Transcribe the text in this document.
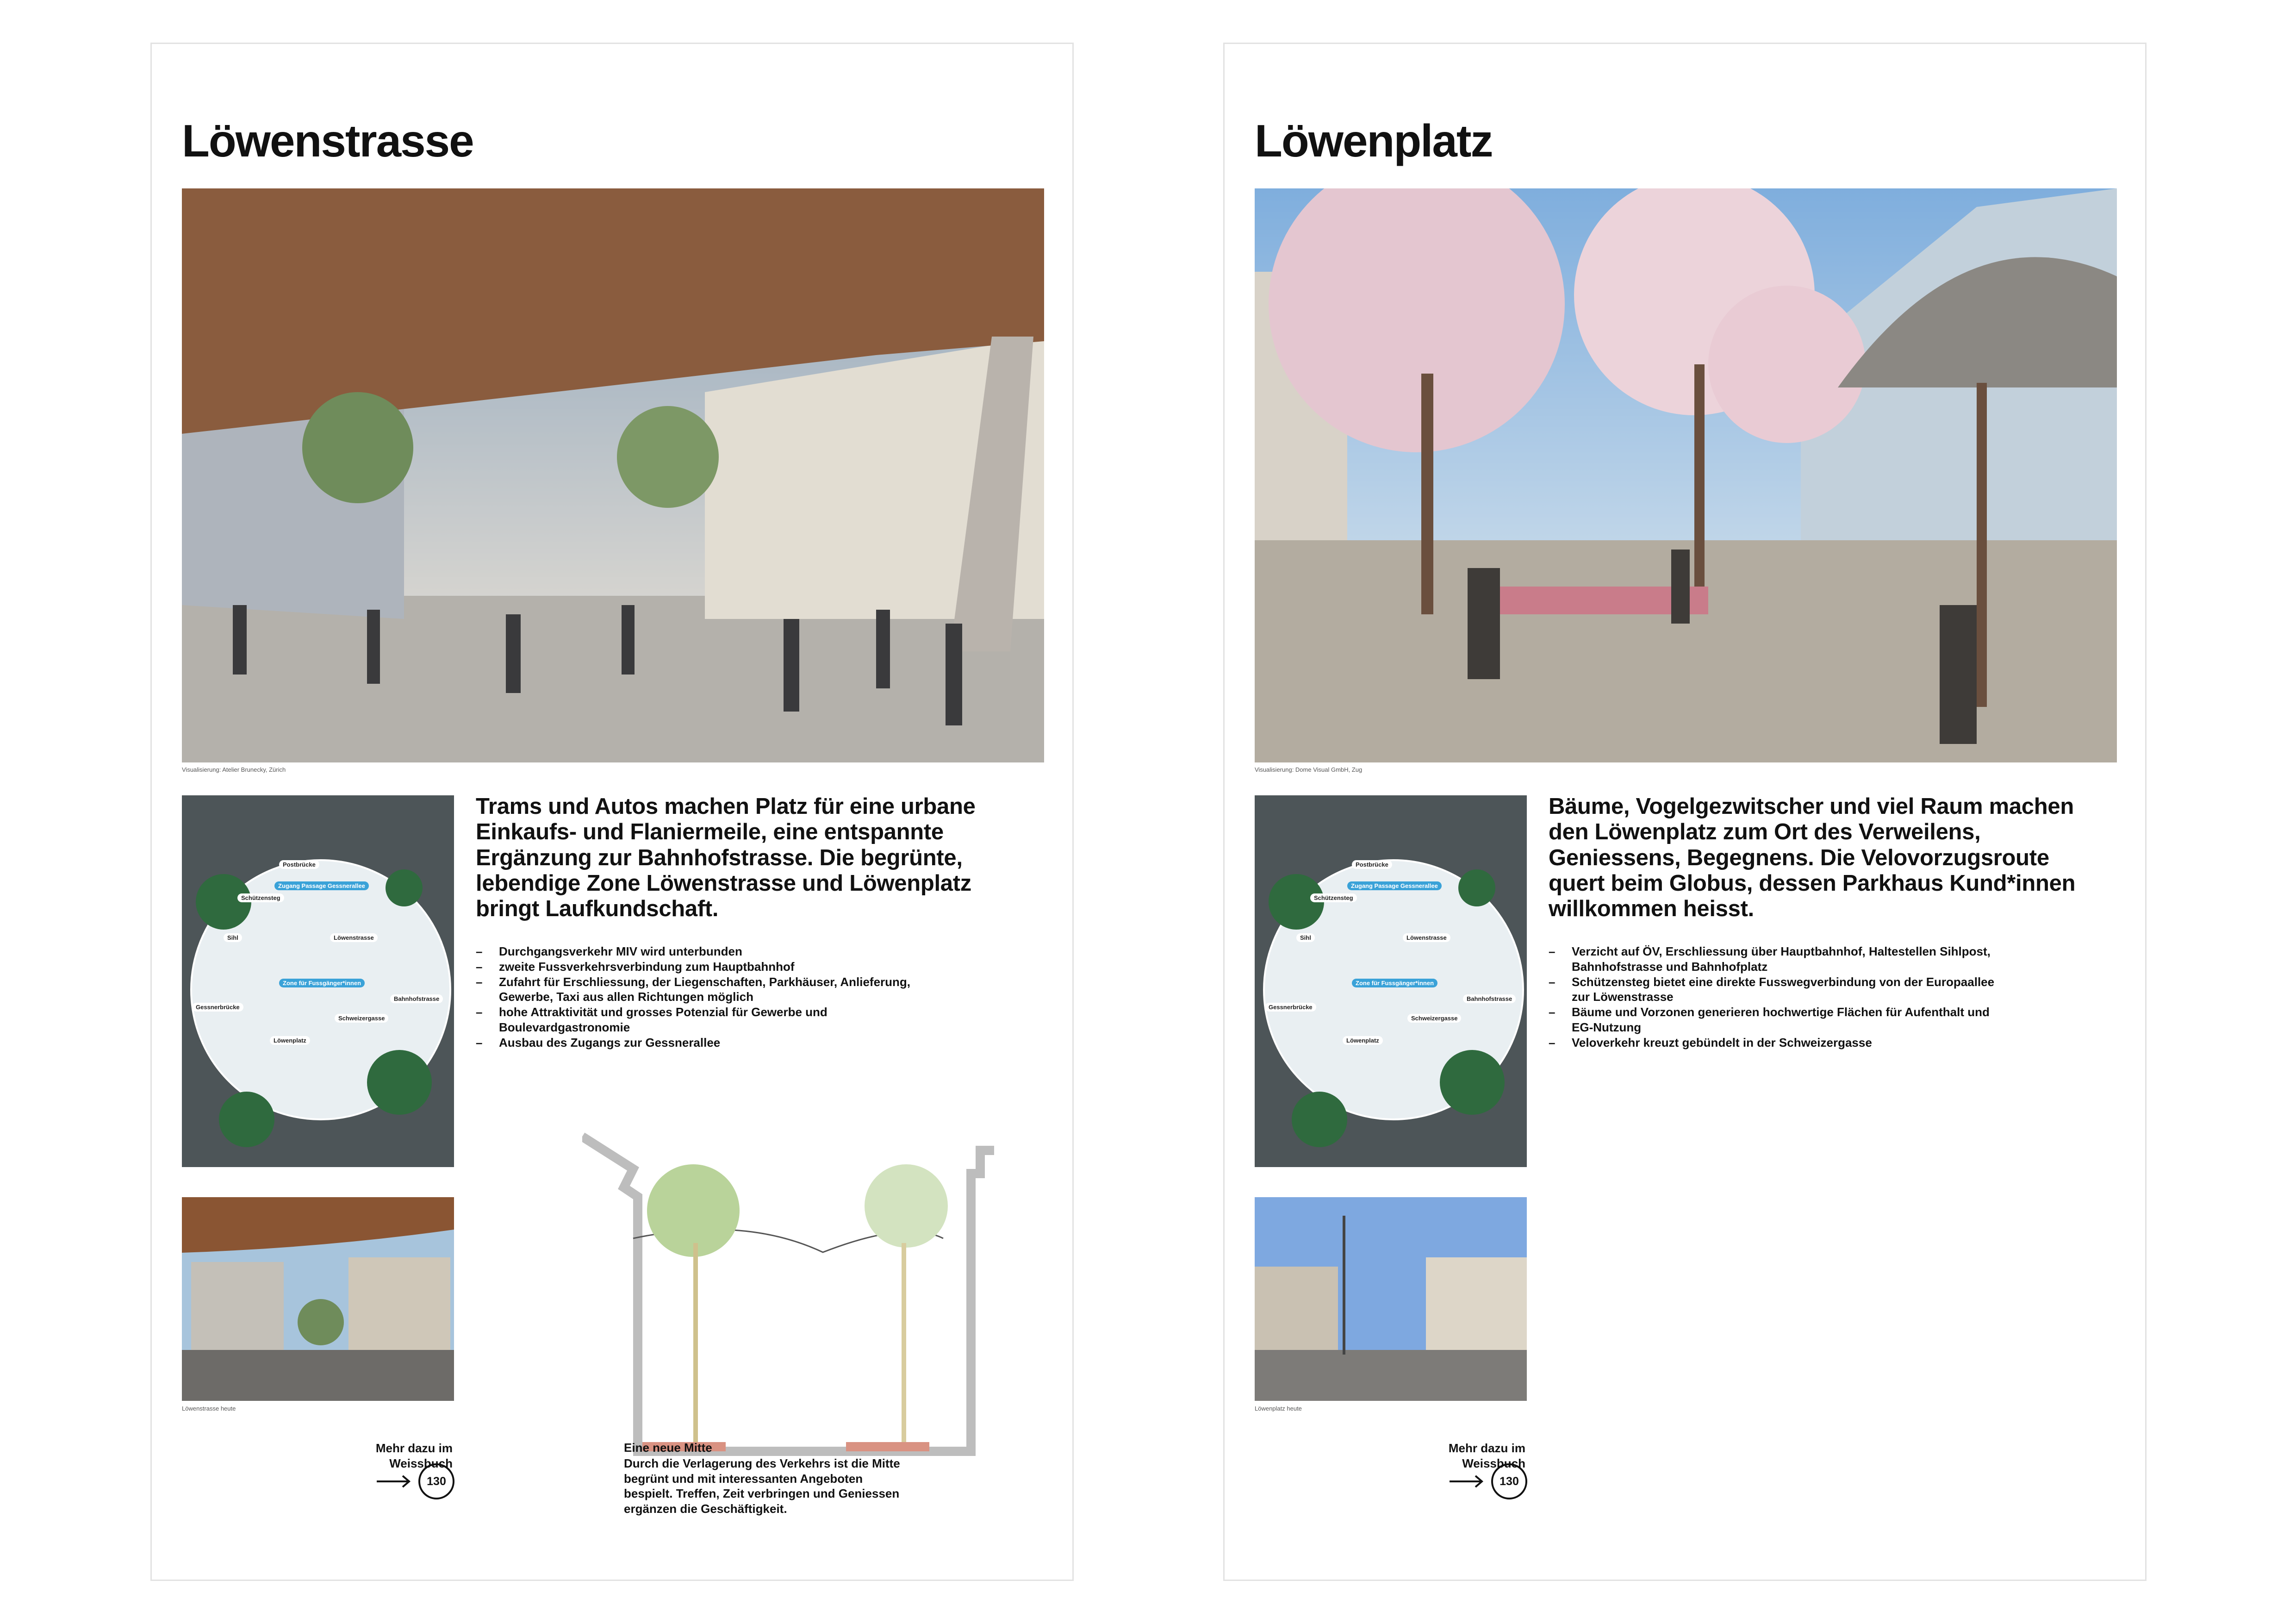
Löwenstrasse
Visualisierung: Atelier Brunecky, Zürich
Postbrücke
Zugang Passage Gessnerallee
Schützensteg
Sihl	Löwenstrasse
Zone für Fussgänger*innen
Bahnhofstrasse
Gessnerbrücke
Schweizergasse
Löwenplatz

Trams und Autos machen Platz für eine urbane Einkaufs- und Flaniermeile, eine entspannte Ergänzung zur Bahnhofstrasse. Die begrünte, lebendige Zone Löwenstrasse und Löwenplatz bringt Laufkundschaft.

– Durchgangsverkehr MIV wird unterbunden
– zweite Fussverkehrsverbindung zum Hauptbahnhof
– Zufahrt für Erschliessung, der Liegenschaften, Parkhäuser, Anlieferung, Gewerbe, Taxi aus allen Richtungen möglich
– hohe Attraktivität und grosses Potenzial für Gewerbe und Boulevardgastronomie
– Ausbau des Zugangs zur Gessnerallee
Löwenstrasse heute
Mehr dazu im Weissbuch
130
Eine neue Mitte

Durch die Verlagerung des Verkehrs ist die Mitte begrünt und mit interessanten Angeboten bespielt. Treffen, Zeit verbringen und Geniessen ergänzen die Geschäftigkeit.

Löwenplatz
Visualisierung: Dome Visual GmbH, Zug
Postbrücke
Zugang Passage Gessnerallee
Schützensteg
Sihl	Löwenstrasse
Zone für Fussgänger*innen
Bahnhofstrasse
Gessnerbrücke
Schweizergasse
Löwenplatz

Bäume, Vogelgezwitscher und viel Raum machen den Löwenplatz zum Ort des Verweilens, Geniessens, Begegnens. Die Velovorzugsroute quert beim Globus, dessen Parkhaus Kund*innen willkommen heisst.

– Verzicht auf ÖV, Erschliessung über Hauptbahnhof, Haltestellen Sihlpost, Bahnhofstrasse und Bahnhofplatz
– Schützensteg bietet eine direkte Fusswegverbindung von der Europaallee zur Löwenstrasse
– Bäume und Vorzonen generieren hochwertige Flächen für Aufenthalt und EG-Nutzung
– Veloverkehr kreuzt gebündelt in der Schweizergasse
Löwenplatz heute
Mehr dazu im Weissbuch
130
